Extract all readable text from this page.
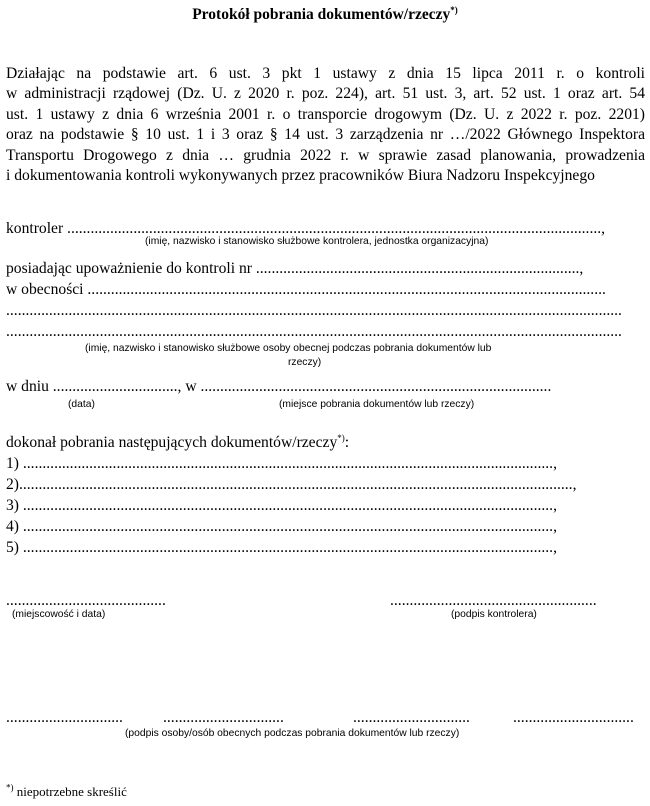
Protokół pobrania dokumentów/rzeczy*)
Działając na podstawie art. 6 ust. 3 pkt 1 ustawy z dnia 15 lipca 2011 r. o kontroli
w administracji rządowej (Dz. U. z 2020 r. poz. 224), art. 51 ust. 3, art. 52 ust. 1 oraz art. 54
ust. 1 ustawy z dnia 6 września 2001 r. o transporcie drogowym (Dz. U. z 2022 r. poz. 2201)
oraz na podstawie § 10 ust. 1 i 3 oraz § 14 ust. 3 zarządzenia nr …/2022 Głównego Inspektora
Transportu Drogowego z dnia … grudnia 2022 r. w sprawie zasad planowania, prowadzenia
i dokumentowania kontroli wykonywanych przez pracowników Biura Nadzoru Inspekcyjnego
kontroler .........................................................................................................................................,
(imię, nazwisko i stanowisko służbowe kontrolera, jednostka organizacyjna)
posiadając upoważnienie do kontroli nr ...................................................................................,
w obecności .....................................................................................................................................
..............................................................................................................................................................
..............................................................................................................................................................
(imię, nazwisko i stanowisko służbowe osoby obecnej podczas pobrania dokumentów lub
rzeczy)
w dniu ................................, w ..........................................................................................
(data)	(miejsce pobrania dokumentów lub rzeczy)
dokonał pobrania następujących dokumentów/rzeczy*):
1) ........................................................................................................................................,
2)..............................................................................................................................................,
3) ........................................................................................................................................,
4) ........................................................................................................................................,
5) ........................................................................................................................................,
.........................................
(miejscowość i data)
.....................................................
(podpis kontrolera)
..............................	...............................	..............................	...............................
(podpis osoby/osób obecnych podczas pobrania dokumentów lub rzeczy)
*) niepotrzebne skreślić
